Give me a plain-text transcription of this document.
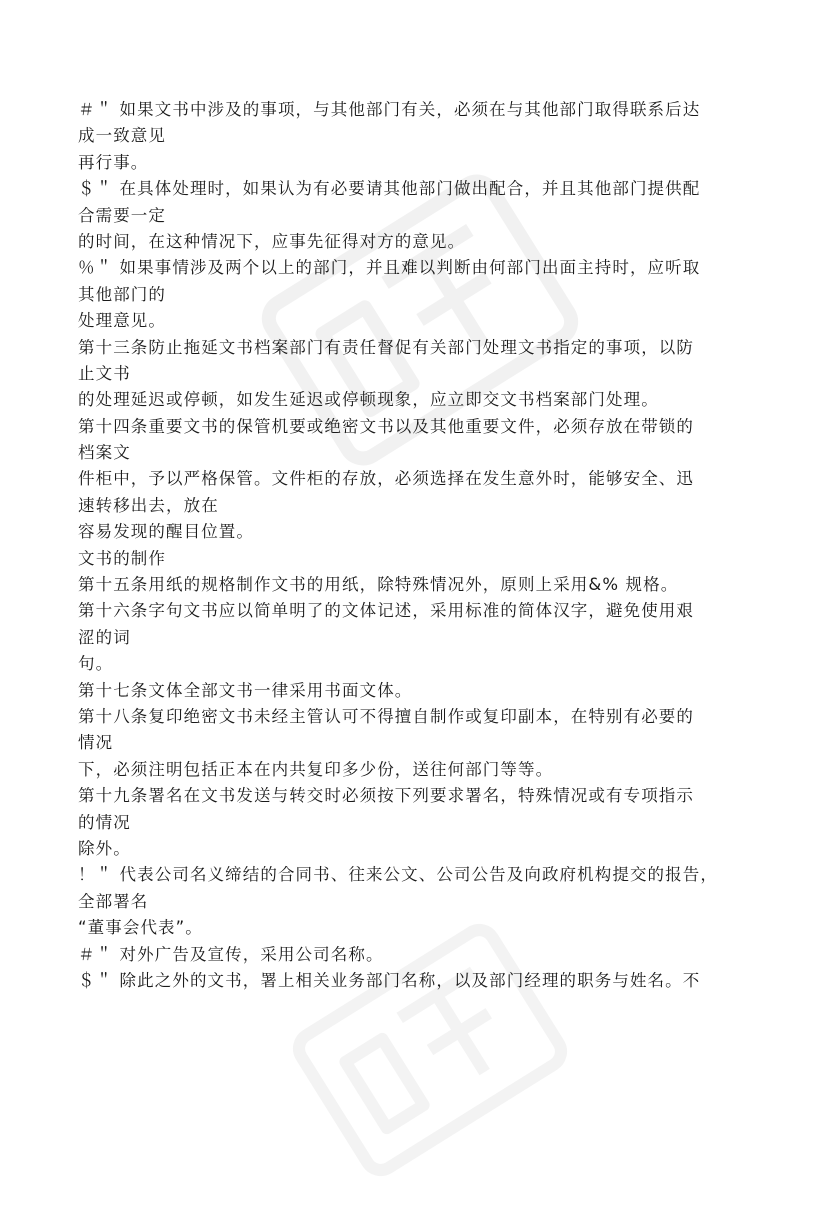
＃＂ 如果文书中涉及的事项，与其他部门有关，必须在与其他部门取得联系后达
成一致意见
再行事。
＄＂ 在具体处理时，如果认为有必要请其他部门做出配合，并且其他部门提供配
合需要一定
的时间，在这种情况下，应事先征得对方的意见。
％＂ 如果事情涉及两个以上的部门，并且难以判断由何部门出面主持时，应听取
其他部门的
处理意见。
第十三条防止拖延文书档案部门有责任督促有关部门处理文书指定的事项，以防
止文书
的处理延迟或停顿，如发生延迟或停顿现象，应立即交文书档案部门处理。
第十四条重要文书的保管机要或绝密文书以及其他重要文件，必须存放在带锁的
档案文
件柜中，予以严格保管。文件柜的存放，必须选择在发生意外时，能够安全、迅
速转移出去，放在
容易发现的醒目位置。
文书的制作
第十五条用纸的规格制作文书的用纸，除特殊情况外，原则上采用&% 规格。
第十六条字句文书应以简单明了的文体记述，采用标准的简体汉字，避免使用艰
涩的词
句。
第十七条文体全部文书一律采用书面文体。
第十八条复印绝密文书未经主管认可不得擅自制作或复印副本，在特别有必要的
情况
下，必须注明包括正本在内共复印多少份，送往何部门等等。
第十九条署名在文书发送与转交时必须按下列要求署名，特殊情况或有专项指示
的情况
除外。
！＂ 代表公司名义缔结的合同书、往来公文、公司公告及向政府机构提交的报告，
全部署名
“董事会代表”。
＃＂ 对外广告及宣传，采用公司名称。
＄＂ 除此之外的文书，署上相关业务部门名称，以及部门经理的职务与姓名。不
